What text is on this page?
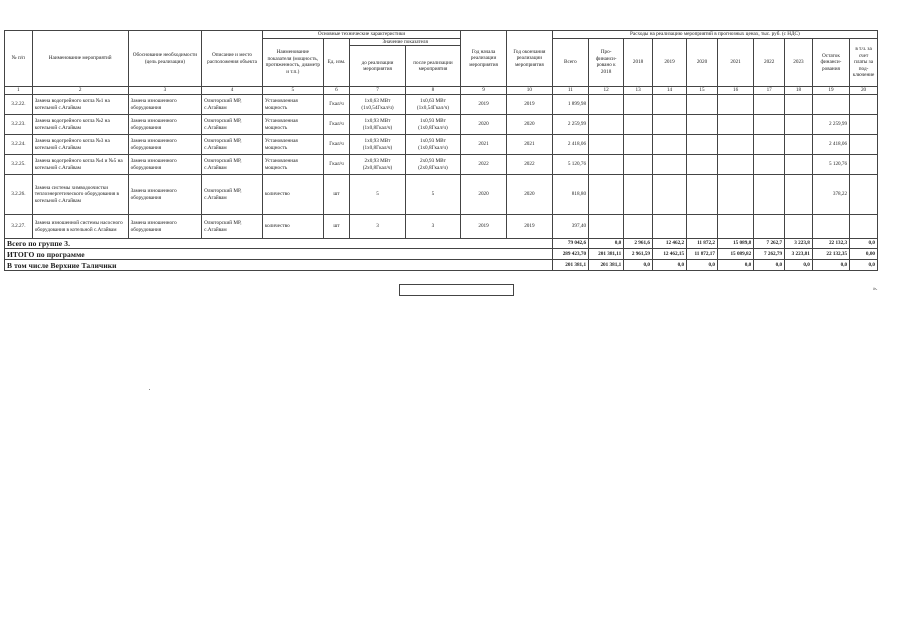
№ п/п	Наименование мероприятий	Обоснование необходимости (цель реализации)	Описание и место расположения объекта	Основные технические характеристики				Год начала реализации мероприятия	Год окончания реализации мероприятия	Расходы на реализацию мероприятий в прогнозных ценах, тыс. руб. (с НДС)									
				Наименование показателя (мощность, протяженность, диаметр и т.п.)	Ед. изм.	Значение показателя				Всего	Про- финанси- ровано к 2018	2018	2019	2020	2021	2022	2023	Остаток финанси- рования	в т.ч. за счет платы за под- ключение
						до реализации мероприятия	после реализации мероприятия												
1	2	3	4	5	6	7	8	9	10	11	12	13	14	15	16	17	18	19	20
3.2.22.	Замена водогрейного котла №1 на котельной с.Агайвам	Замена изношенного оборудования	Олюторский МР, с.Агайвам	Установленная мощность	Гкал/ч	1х0,63 МВт (1х0,54Гкал/ч)	1х0,63 МВт (1х0,54Гкал/ч)	2019	2019	1 899,98									
3.2.23.	Замена водогрейного котла №2 на котельной с.Агайвам	Замена изношенного оборудования	Олюторский МР, с.Агайвам	Установленная мощность	Гкал/ч	1х0,93 МВт (1х0,8Гкал/ч)	1х0,93 МВт (1х0,8Гкал/ч)	2020	2020	2 259,99								2 259,99	
3.2.24.	Замена водогрейного котла №3 на котельной с.Агайвам	Замена изношенного оборудования	Олюторский МР, с.Агайвам	Установленная мощность	Гкал/ч	1х0,93 МВт (1х0,8Гкал/ч)	1х0,93 МВт (1х0,8Гкал/ч)	2021	2021	2 418,06								2 418,06	
3.2.25.	Замена водогрейного котла №4 и №5 на котельной с.Агайвам	Замена изношенного оборудования	Олюторский МР, с.Агайвам	Установленная мощность	Гкал/ч	2х0,93 МВт (2х0,8Гкал/ч)	2х0,93 МВт (2х0,8Гкал/ч)	2022	2022	5 120,76								5 120,76	
3.2.26.	Замена системы химводоочистки теплоэнергетического оборудования в котельной с.Агайвам	Замена изношенного оборудования	Олюторский МР, с.Агайвам	количество	шт	5	5	2020	2020	818,80								378,22	
3.2.27.	Замена изношенной системы насосного оборудования в котельной с.Агайвам	Замена изношенного оборудования	Олюторский МР, с.Агайвам	количество	шт	3	3	2019	2019	397,40									
Всего по группе 3.										79 042,6	0,0	2 961,6	12 462,2	11 872,2	15 089,8	7 262,7	3 223,8	22 132,3	0,0
ИТОГО по программе										289 423,70	201 381,11	2 961,59	12 462,15	11 872,17	15 089,82	7 262,79	3 223,81	22 132,35	0,00
В том числе Верхние Таличики										201 381,1	201 381,1	0,0	0,0	0,0	0,0	0,0	0,0	0,0	0,0
».
